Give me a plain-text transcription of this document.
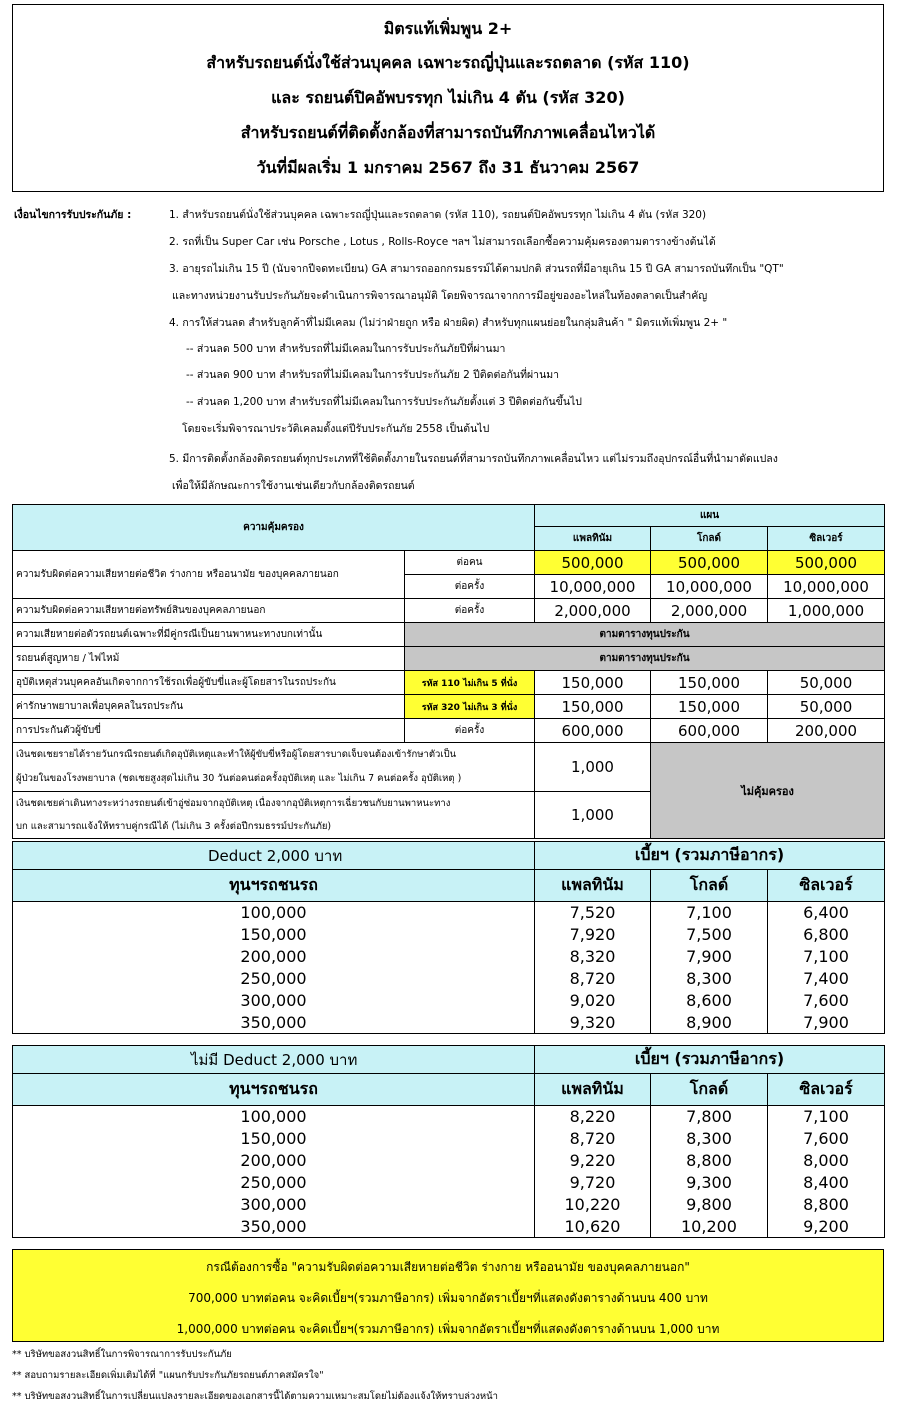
มิตรแท้เพิ่มพูน 2+
สำหรับรถยนต์นั่งใช้ส่วนบุคคล เฉพาะรถญี่ปุ่นและรถตลาด (รหัส 110)
และ รถยนต์ปิคอัพบรรทุก ไม่เกิน 4 ตัน (รหัส 320)
สำหรับรถยนต์ที่ติดตั้งกล้องที่สามารถบันทึกภาพเคลื่อนไหวได้
วันที่มีผลเริ่ม 1 มกราคม 2567 ถึง 31 ธันวาคม 2567
เงื่อนไขการรับประกันภัย :	1. สำหรับรถยนต์นั่งใช้ส่วนบุคคล เฉพาะรถญี่ปุ่นและรถตลาด (รหัส 110), รถยนต์ปิคอัพบรรทุก ไม่เกิน 4 ตัน (รหัส 320)
2. รถที่เป็น Super Car เช่น Porsche , Lotus , Rolls-Royce ฯลฯ ไม่สามารถเลือกซื้อความคุ้มครองตามตารางข้างต้นได้
3. อายุรถไม่เกิน 15 ปี (นับจากปีจดทะเบียน) GA สามารถออกกรมธรรม์ได้ตามปกติ ส่วนรถที่มีอายุเกิน 15 ปี GA สามารถบันทึกเป็น "QT"
และทางหน่วยงานรับประกันภัยจะดำเนินการพิจารณาอนุมัติ โดยพิจารณาจากการมีอยู่ของอะไหล่ในท้องตลาดเป็นสำคัญ
4. การให้ส่วนลด สำหรับลูกค้าที่ไม่มีเคลม (ไม่ว่าฝ่ายถูก หรือ ฝ่ายผิด) สำหรับทุกแผนย่อยในกลุ่มสินค้า " มิตรแท้เพิ่มพูน 2+ "
-- ส่วนลด 500 บาท สำหรับรถที่ไม่มีเคลมในการรับประกันภัยปีที่ผ่านมา
-- ส่วนลด 900 บาท สำหรับรถที่ไม่มีเคลมในการรับประกันภัย 2 ปีติดต่อกันที่ผ่านมา
-- ส่วนลด 1,200 บาท สำหรับรถที่ไม่มีเคลมในการรับประกันภัยตั้งแต่ 3 ปีติดต่อกันขึ้นไป
โดยจะเริ่มพิจารณาประวัติเคลมตั้งแต่ปีรับประกันภัย 2558 เป็นต้นไป
5. มีการติดตั้งกล้องติดรถยนต์ทุกประเภทที่ใช้ติดตั้งภายในรถยนต์ที่สามารถบันทึกภาพเคลื่อนไหว แต่ไม่รวมถึงอุปกรณ์อื่นที่นำมาดัดแปลง
เพื่อให้มีลักษณะการใช้งานเช่นเดียวกับกล้องติดรถยนต์
ความคุ้มครอง		แผน		
		แพลทินัม	โกลด์	ซิลเวอร์
ความรับผิดต่อความเสียหายต่อชีวิต ร่างกาย หรืออนามัย ของบุคคลภายนอก	ต่อคน	500,000	500,000	500,000
	ต่อครั้ง	10,000,000	10,000,000	10,000,000
ความรับผิดต่อความเสียหายต่อทรัพย์สินของบุคคลภายนอก	ต่อครั้ง	2,000,000	2,000,000	1,000,000
ความเสียหายต่อตัวรถยนต์เฉพาะที่มีคู่กรณีเป็นยานพาหนะทางบกเท่านั้น	ตามตารางทุนประกัน			
รถยนต์สูญหาย / ไฟไหม้	ตามตารางทุนประกัน			
อุบัติเหตุส่วนบุคคลอันเกิดจากการใช้รถเพื่อผู้ขับขี่และผู้โดยสารในรถประกัน	รหัส 110 ไม่เกิน 5 ที่นั่ง	150,000	150,000	50,000
ค่ารักษาพยาบาลเพื่อบุคคลในรถประกัน	รหัส 320 ไม่เกิน 3 ที่นั่ง	150,000	150,000	50,000
การประกันตัวผู้ขับขี่	ต่อครั้ง	600,000	600,000	200,000

เงินชดเชยรายได้รายวันกรณีรถยนต์เกิดอุบัติเหตุและทำให้ผู้ขับขี่หรือผู้โดยสารบาดเจ็บจนต้องเข้ารักษาตัวเป็น
ผู้ป่วยในของโรงพยาบาล (ชดเชยสูงสุดไม่เกิน 30 วันต่อคนต่อครั้งอุบัติเหตุ และ ไม่เกิน 7 คนต่อครั้ง อุบัติเหตุ )		1,000	ไม่คุ้มครอง	

เงินชดเชยค่าเดินทางระหว่างรถยนต์เข้าอู่ซ่อมจากอุบัติเหตุ เนื่องจากอุบัติเหตุการเฉี่ยวชนกับยานพาหนะทาง
บก และสามารถแจ้งให้ทราบคู่กรณีได้ (ไม่เกิน 3 ครั้งต่อปีกรมธรรม์ประกันภัย)		1,000		
Deduct 2,000 บาท	เบี้ยฯ (รวมภาษีอากร)		
ทุนฯรถชนรถ	แพลทินัม	โกลด์	ซิลเวอร์
100,000	7,520	7,100	6,400
150,000	7,920	7,500	6,800
200,000	8,320	7,900	7,100
250,000	8,720	8,300	7,400
300,000	9,020	8,600	7,600
350,000	9,320	8,900	7,900
ไม่มี Deduct 2,000 บาท	เบี้ยฯ (รวมภาษีอากร)		
ทุนฯรถชนรถ	แพลทินัม	โกลด์	ซิลเวอร์
100,000	8,220	7,800	7,100
150,000	8,720	8,300	7,600
200,000	9,220	8,800	8,000
250,000	9,720	9,300	8,400
300,000	10,220	9,800	8,800
350,000	10,620	10,200	9,200
กรณีต้องการซื้อ "ความรับผิดต่อความเสียหายต่อชีวิต ร่างกาย หรืออนามัย ของบุคคลภายนอก"
700,000 บาทต่อคน จะคิดเบี้ยฯ(รวมภาษีอากร) เพิ่มจากอัตราเบี้ยฯที่แสดงดังตารางด้านบน 400 บาท
1,000,000 บาทต่อคน จะคิดเบี้ยฯ(รวมภาษีอากร) เพิ่มจากอัตราเบี้ยฯที่แสดงดังตารางด้านบน 1,000 บาท
** บริษัทขอสงวนสิทธิ์ในการพิจารณาการรับประกันภัย
** สอบถามรายละเอียดเพิ่มเติมได้ที่ "แผนกรับประกันภัยรถยนต์ภาคสมัครใจ"
** บริษัทขอสงวนสิทธิ์ในการเปลี่ยนแปลงรายละเอียดของเอกสารนี้ได้ตามความเหมาะสมโดยไม่ต้องแจ้งให้ทราบล่วงหน้า
